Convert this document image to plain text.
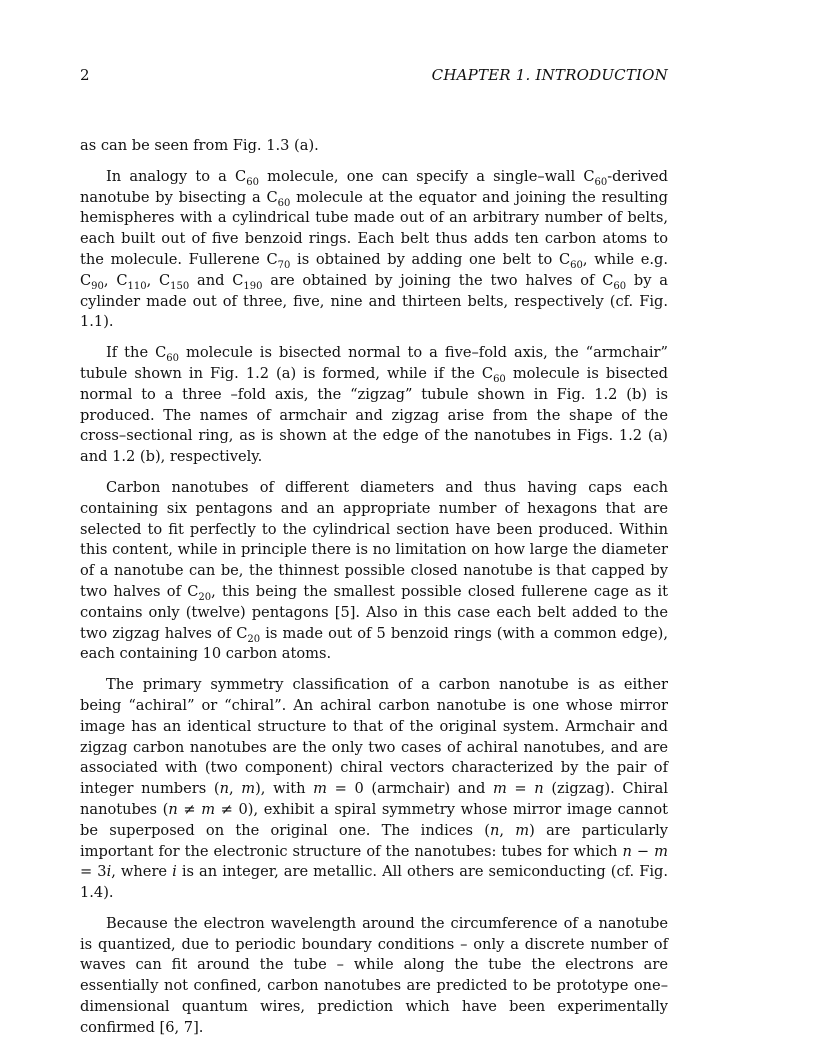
2	CHAPTER 1. INTRODUCTION

as can be seen from Fig. 1.3 (a).

In analogy to a $C_{60}$ molecule, one can specify a single–wall $C_{60}$-derived nanotube by bisecting a $C_{60}$ molecule at the equator and joining the resulting hemispheres with a cylindrical tube made out of an arbitrary number of belts, each built out of five benzoid rings. Each belt thus adds ten carbon atoms to the molecule. Fullerene $C_{70}$ is obtained by adding one belt to $C_{60}$, while e.g. $C_{90}$, $C_{110}$, $C_{150}$ and $C_{190}$ are obtained by joining the two halves of $C_{60}$ by a cylinder made out of three, five, nine and thirteen belts, respectively (cf. Fig. 1.1).

If the $C_{60}$ molecule is bisected normal to a five–fold axis, the “armchair” tubule shown in Fig. 1.2 (a) is formed, while if the $C_{60}$ molecule is bisected normal to a three –fold axis, the “zigzag” tubule shown in Fig. 1.2 (b) is produced. The names of armchair and zigzag arise from the shape of the cross–sectional ring, as is shown at the edge of the nanotubes in Figs. 1.2 (a) and 1.2 (b), respectively.

Carbon nanotubes of different diameters and thus having caps each containing six pentagons and an appropriate number of hexagons that are selected to fit perfectly to the cylindrical section have been produced. Within this content, while in principle there is no limitation on how large the diameter of a nanotube can be, the thinnest possible closed nanotube is that capped by two halves of $C_{20}$, this being the smallest possible closed fullerene cage as it contains only (twelve) pentagons [5]. Also in this case each belt added to the two zigzag halves of $C_{20}$ is made out of 5 benzoid rings (with a common edge), each containing 10 carbon atoms.

The primary symmetry classification of a carbon nanotube is as either being “achiral” or “chiral”. An achiral carbon nanotube is one whose mirror image has an identical structure to that of the original system. Armchair and zigzag carbon nanotubes are the only two cases of achiral nanotubes, and are associated with (two component) chiral vectors characterized by the pair of integer numbers (n, m), with m = 0 (armchair) and m = n (zigzag). Chiral nanotubes (n ≠ m ≠ 0), exhibit a spiral symmetry whose mirror image cannot be superposed on the original one. The indices (n, m) are particularly important for the electronic structure of the nanotubes: tubes for which n − m = 3i, where i is an integer, are metallic. All others are semiconducting (cf. Fig. 1.4).

Because the electron wavelength around the circumference of a nanotube is quantized, due to periodic boundary conditions – only a discrete number of waves can fit around the tube – while along the tube the electrons are essentially not confined, carbon nanotubes are predicted to be prototype one–dimensional quantum wires, prediction which have been experimentally confirmed [6, 7].
